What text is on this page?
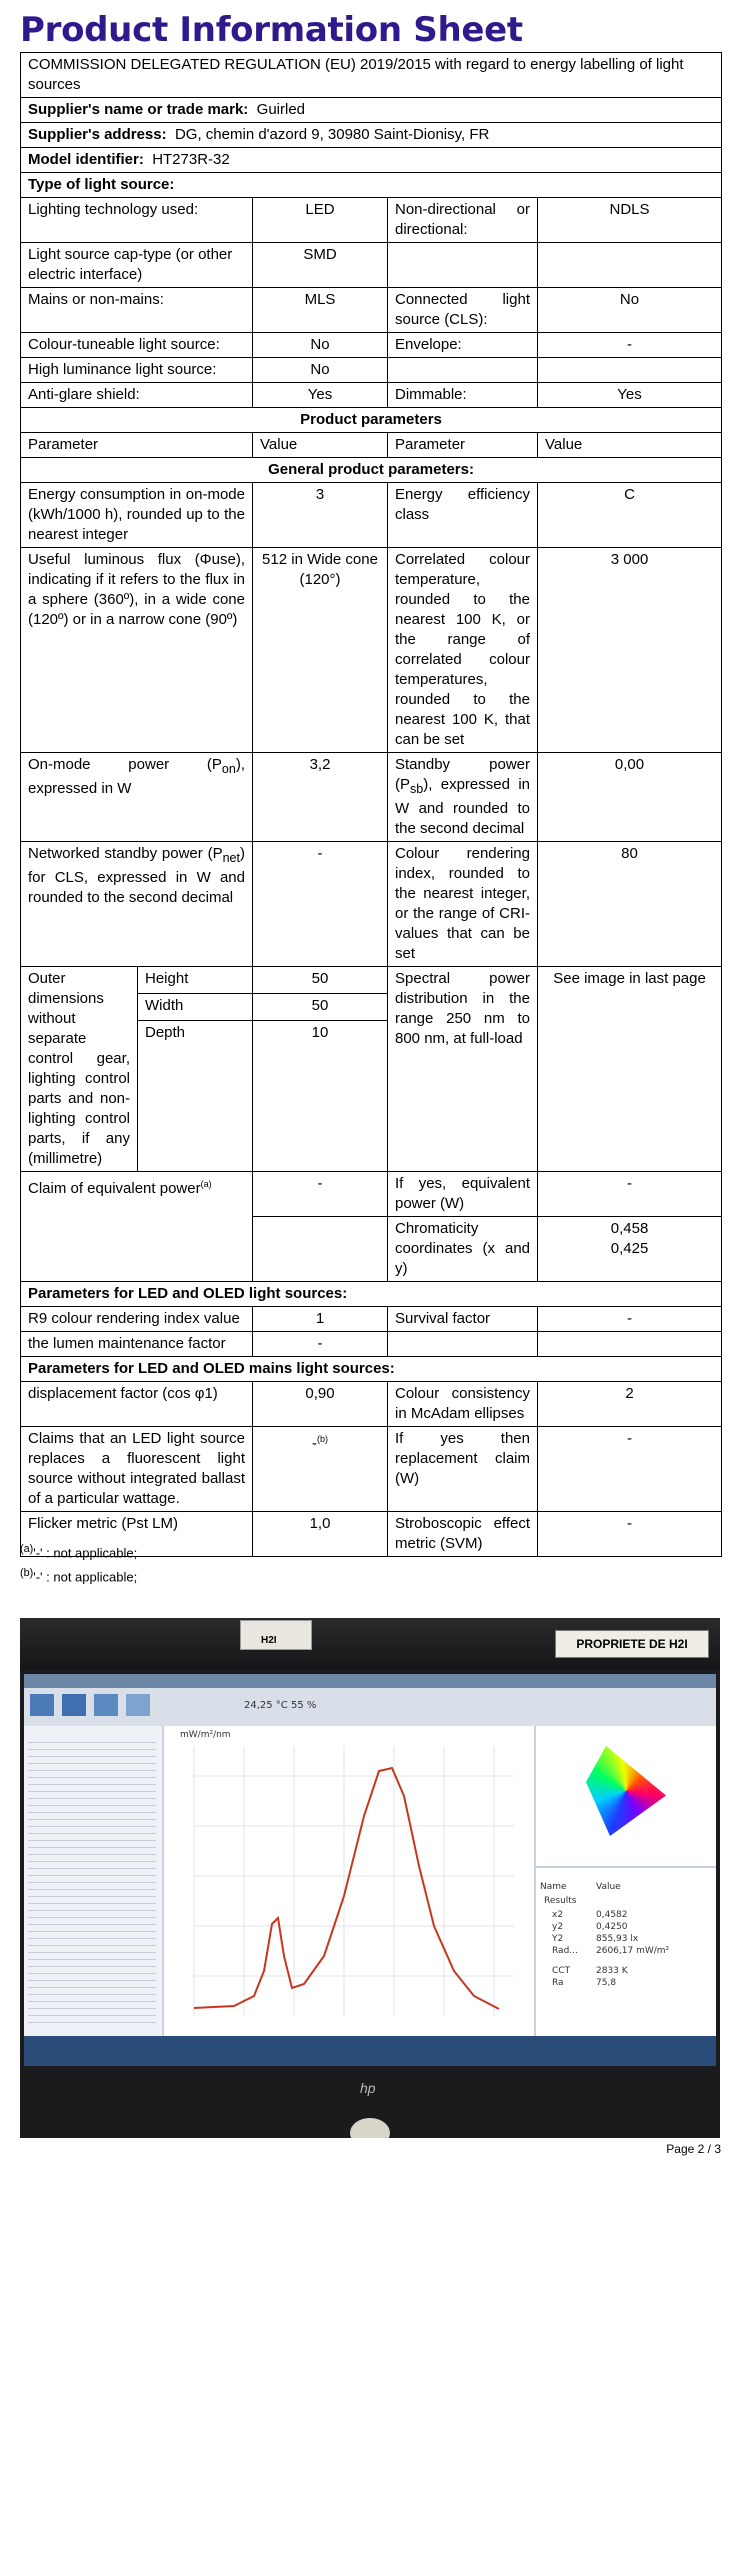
Product Information Sheet
COMMISSION DELEGATED REGULATION (EU) 2019/2015 with regard to energy labelling of light sources				
Supplier's name or trade mark: Guirled				
Supplier's address: DG, chemin d'azord 9, 30980 Saint-Dionisy, FR				
Model identifier: HT273R-32				
Type of light source:				
Lighting technology used:		LED	Non-directional or directional:	NDLS
Light source cap-type (or other electric interface)		SMD		
Mains or non-mains:		MLS	Connected light source (CLS):	No
Colour-tuneable light source:		No	Envelope:	-
High luminance light source:		No		
Anti-glare shield:		Yes	Dimmable:	Yes
Product parameters				
Parameter		Value	Parameter	Value
General product parameters:				
Energy consumption in on-mode (kWh/1000 h), rounded up to the nearest integer		3	Energy efficiency class	C
Useful luminous flux (Φuse), indicating if it refers to the flux in a sphere (360º), in a wide cone (120º) or in a narrow cone (90º)		512 in Wide cone (120°)	Correlated colour temperature, rounded to the nearest 100 K, or the range of correlated colour temperatures, rounded to the nearest 100 K, that can be set	3 000
On-mode power $(P_{on})$, expressed in W		3,2	Standby power $(P_{sb})$, expressed in W and rounded to the second decimal	0,00
Networked standby power $(P_{net})$ for CLS, expressed in W and rounded to the second decimal		-	Colour rendering index, rounded to the nearest integer, or the range of CRI-values that can be set	80
Outer dimensions without separate control gear, lighting control parts and non-lighting control parts, if any (millimetre)	Height	50	Spectral power distribution in the range 250 nm to 800 nm, at full-load	See image in last page
	Width	50		
	Depth	10		
Claim of equivalent power$^{(a)}$		-	If yes, equivalent power (W)	-
			Chromaticity coordinates (x and y)	0,458
0,425
Parameters for LED and OLED light sources:				
R9 colour rendering index value		1	Survival factor	-
the lumen maintenance factor		-		
Parameters for LED and OLED mains light sources:				
displacement factor (cos φ1)		0,90	Colour consistency in McAdam ellipses	2
Claims that an LED light source replaces a fluorescent light source without integrated ballast of a particular wattage.		-$^{(b)}$	If yes then replacement claim (W)	-
Flicker metric (Pst LM)		1,0	Stroboscopic effect metric (SVM)	-
$^{(a)}$'-' : not applicable;
$^{(b)}$'-' : not applicable;
H2I	PROPRIETE DE H2I
24,25 °C 55 %
mW/m²/nm
Name	Value
Results
x2	0,4582
y2	0,4250
Y2	855,93 lx
Rad... 2606,17 mW/m²
CCT	2833 K
Ra	75,8
hp
Page 2 / 3
